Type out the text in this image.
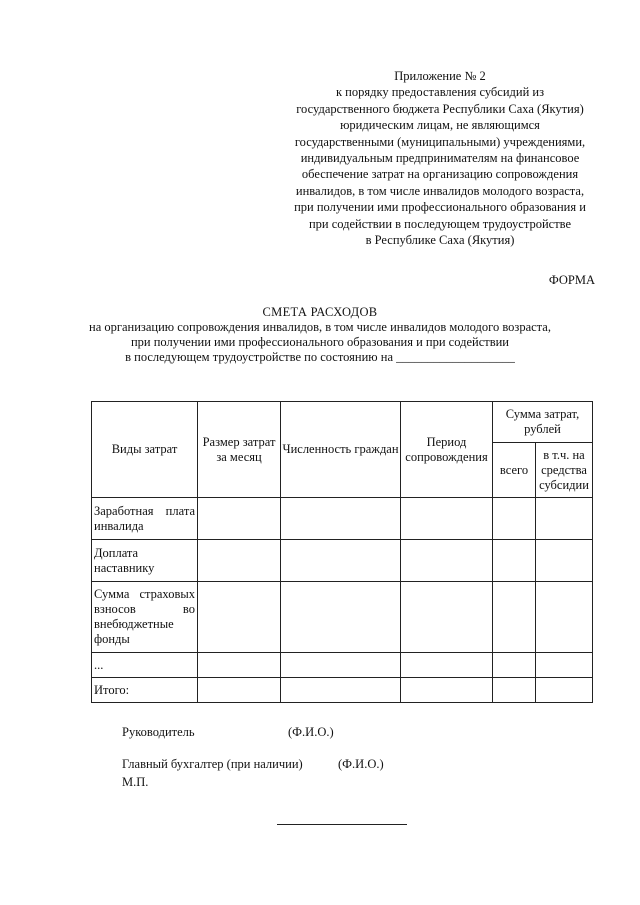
Приложение № 2
к порядку предоставления субсидий из
государственного бюджета Республики Саха (Якутия)
юридическим лицам, не являющимся
государственными (муниципальными) учреждениями,
индивидуальным предпринимателям на финансовое
обеспечение затрат на организацию сопровождения
инвалидов, в том числе инвалидов молодого возраста,
при получении ими профессионального образования и
при содействии в последующем трудоустройстве
в Республике Саха (Якутия)
ФОРМА
СМЕТА РАСХОДОВ
на организацию сопровождения инвалидов, в том числе инвалидов молодого возраста,
при получении ими профессионального образования и при содействии
в последующем трудоустройстве по состоянию на ___________________
Виды затрат	Размер затрат за месяц	Численность граждан	Период сопровождения	Сумма затрат, рублей	
				всего	в т.ч. на средства субсидии
Заработная плата инвалида					
Доплата наставнику					
Сумма страховых взносов во внебюджетные фонды					
...					
Итого:					
Руководитель	(Ф.И.О.)
Главный бухгалтер (при наличии)	(Ф.И.О.)
М.П.
